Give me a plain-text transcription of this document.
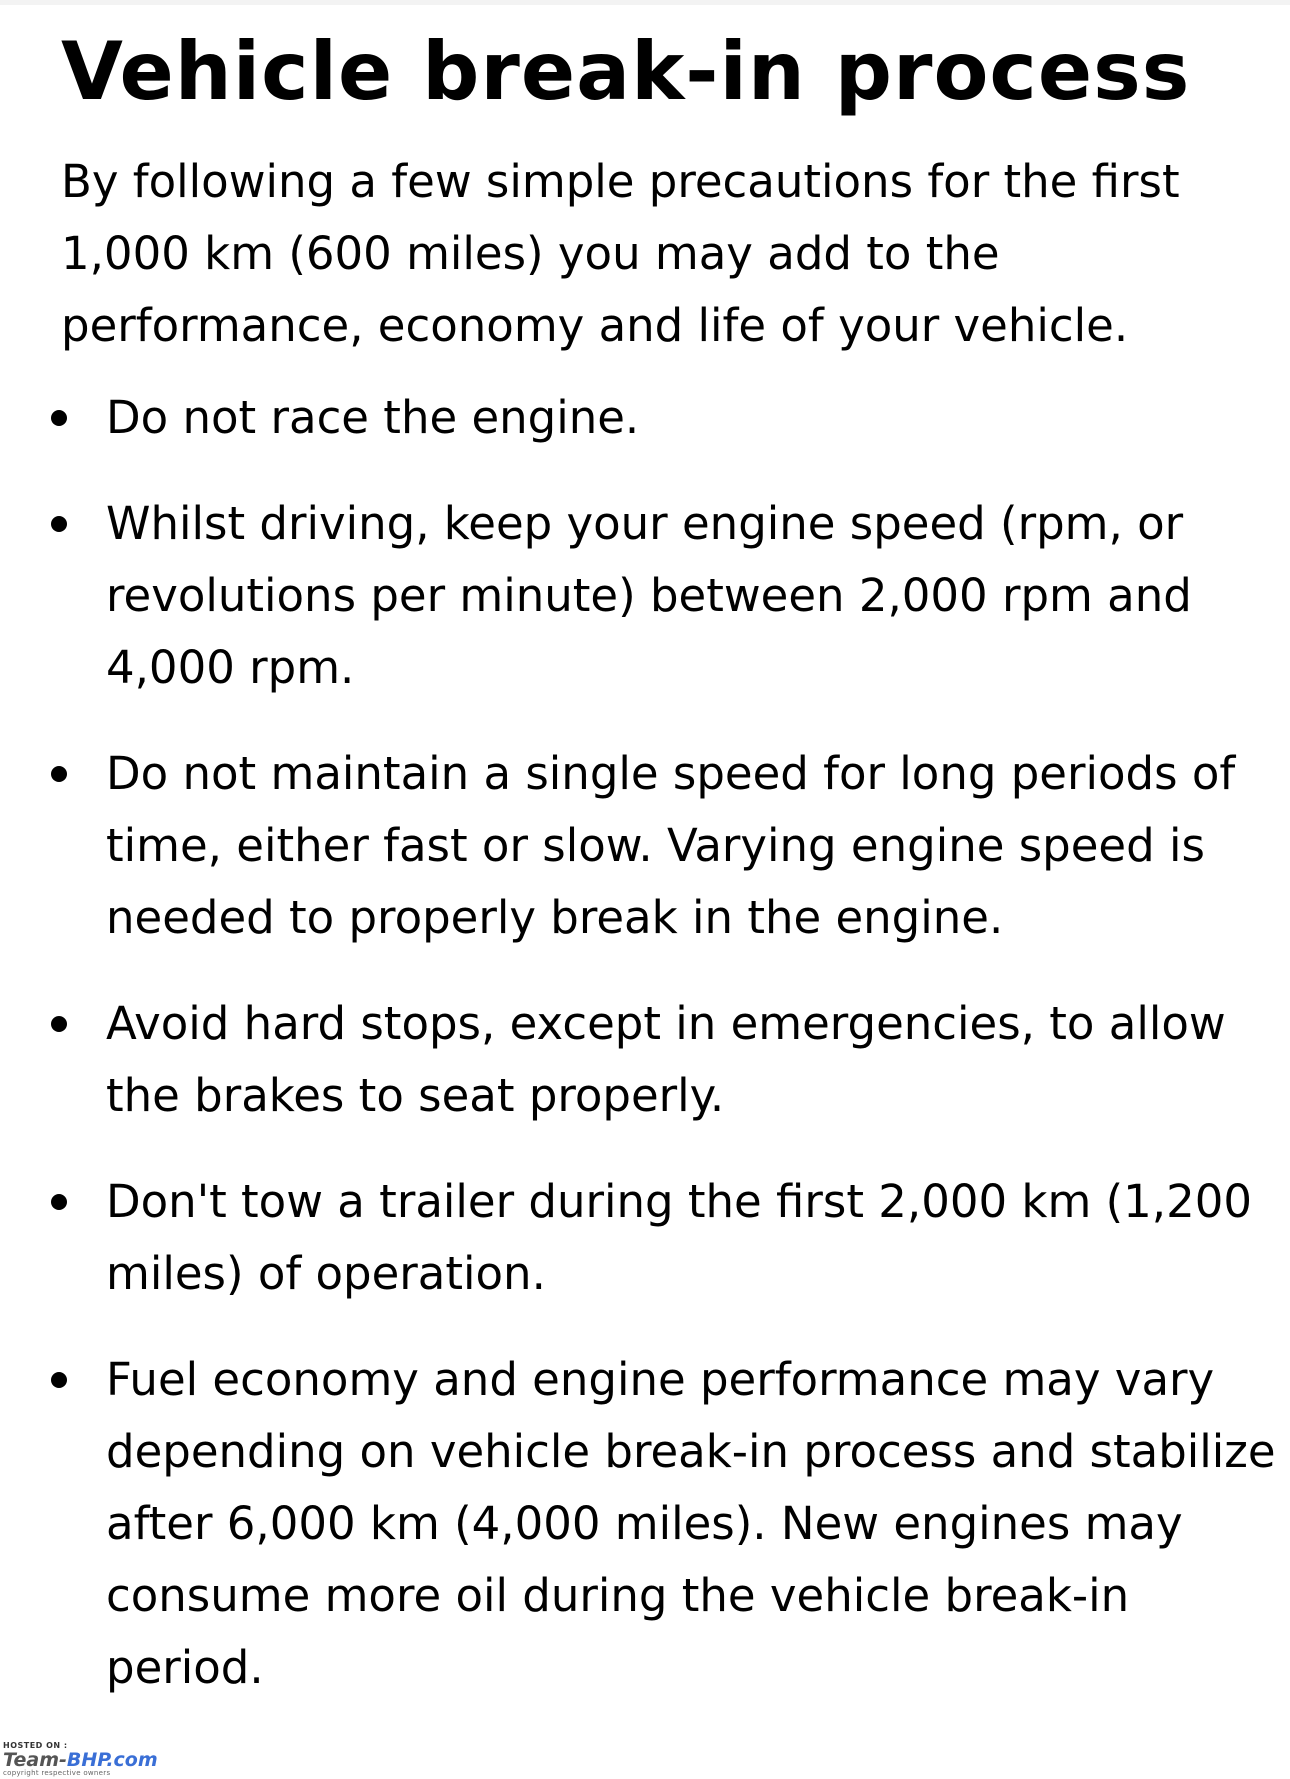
Vehicle break-in process

By following a few simple precautions for the first 1,000 km (600 miles) you may add to the performance, economy and life of your vehicle.

Do not race the engine.
Whilst driving, keep your engine speed (rpm, or revolutions per minute) between 2,000 rpm and 4,000 rpm.
Do not maintain a single speed for long periods of time, either fast or slow. Varying engine speed is needed to properly break in the engine.
Avoid hard stops, except in emergencies, to allow the brakes to seat properly.
Don't tow a trailer during the first 2,000 km (1,200 miles) of operation.
Fuel economy and engine performance may vary depending on vehicle break-in process and stabilize after 6,000 km (4,000 miles). New engines may consume more oil during the vehicle break-in period.
HOSTED ON :
Team-BHP.com
copyright respective owners
